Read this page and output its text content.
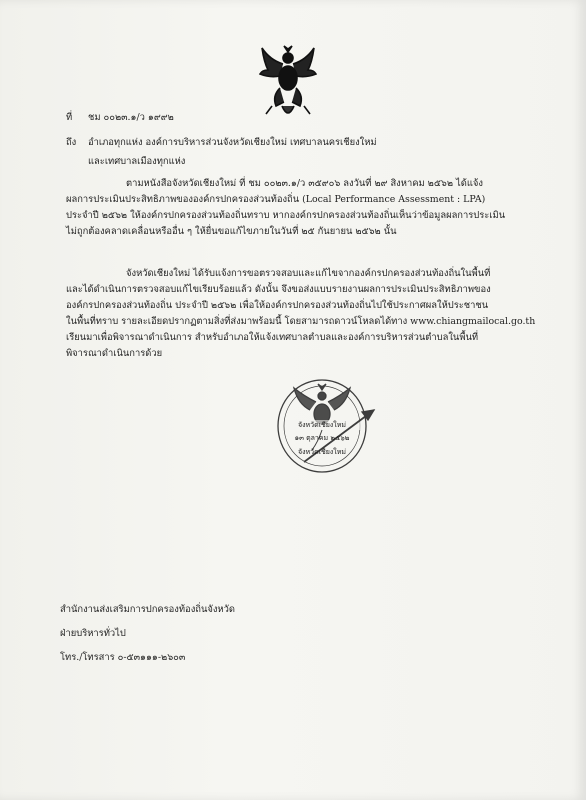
ที่ ชม ๐๐๒๓.๑/ว ๑๙๙๒
ถึง อำเภอทุกแห่ง องค์การบริหารส่วนจังหวัดเชียงใหม่ เทศบาลนครเชียงใหม่
และเทศบาลเมืองทุกแห่ง
ตามหนังสือจังหวัดเชียงใหม่ ที่ ชม ๐๐๒๓.๑/ว ๓๕๙๐๖ ลงวันที่ ๒๙ สิงหาคม ๒๕๖๒ ได้แจ้ง
ผลการประเมินประสิทธิภาพขององค์กรปกครองส่วนท้องถิ่น (Local Performance Assessment : LPA)
ประจำปี ๒๕๖๒ ให้องค์กรปกครองส่วนท้องถิ่นทราบ หากองค์กรปกครองส่วนท้องถิ่นเห็นว่าข้อมูลผลการประเมิน
ไม่ถูกต้องคลาดเคลื่อนหรืออื่น ๆ ให้ยื่นขอแก้ไขภายในวันที่ ๒๕ กันยายน ๒๕๖๒ นั้น
จังหวัดเชียงใหม่ ได้รับแจ้งการขอตรวจสอบและแก้ไขจากองค์กรปกครองส่วนท้องถิ่นในพื้นที่
และได้ดำเนินการตรวจสอบแก้ไขเรียบร้อยแล้ว ดังนั้น จึงขอส่งแบบรายงานผลการประเมินประสิทธิภาพของ
องค์กรปกครองส่วนท้องถิ่น ประจำปี ๒๕๖๒ เพื่อให้องค์กรปกครองส่วนท้องถิ่นไปใช้ประกาศผลให้ประชาชน
ในพื้นที่ทราบ รายละเอียดปรากฏตามสิ่งที่ส่งมาพร้อมนี้ โดยสามารถดาวน์โหลดได้ทาง www.chiangmailocal.go.th
เรียนมาเพื่อพิจารณาดำเนินการ สำหรับอำเภอให้แจ้งเทศบาลตำบลและองค์การบริหารส่วนตำบลในพื้นที่
พิจารณาดำเนินการด้วย
จังหวัดเชียงใหม่
๑๓ ตุลาคม ๒๕๖๒
จังหวัดเชียงใหม่
สำนักงานส่งเสริมการปกครองท้องถิ่นจังหวัด
ฝ่ายบริหารทั่วไป
โทร./โทรสาร ๐-๕๓๑๑๑-๒๖๐๓
